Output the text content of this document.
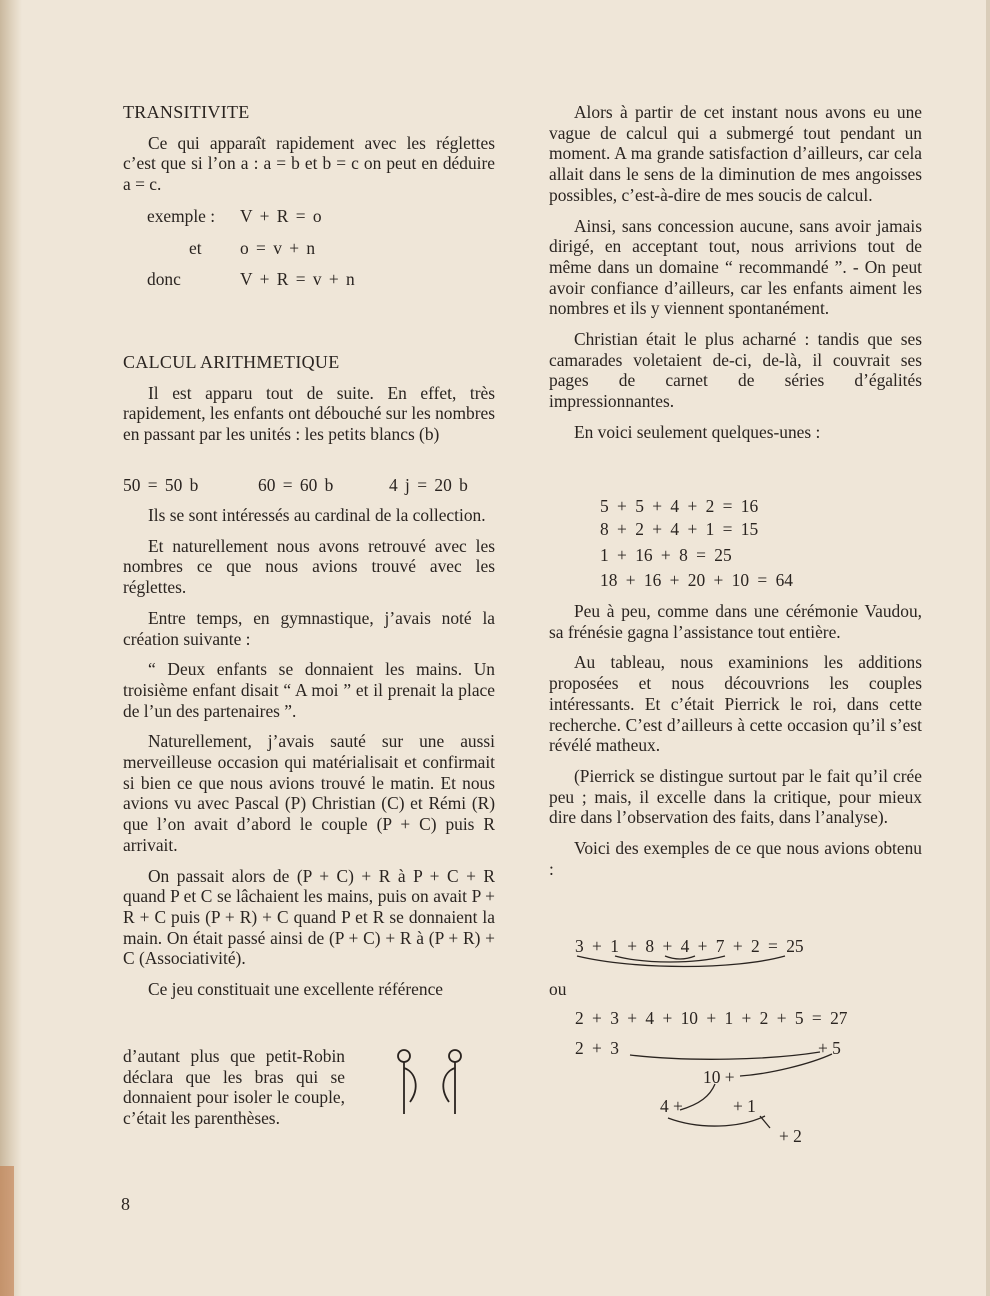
TRANSITIVITE

Ce qui apparaît rapidement avec les réglettes c’est que si l’on a : a = b et b = c on peut en déduire a = c.

exemple : V + R = o
et o = v + n
donc	V + R = v + n
CALCUL ARITHMETIQUE

Il est apparu tout de suite. En effet, très rapidement, les enfants ont débouché sur les nombres en passant par les unités : les petits blancs (b)

50 = 50 b	60 = 60 b	4 j = 20 b

Ils se sont intéressés au cardinal de la collection.

Et naturellement nous avons retrouvé avec les nombres ce que nous avions trouvé avec les réglettes.

Entre temps, en gymnastique, j’avais noté la création suivante :

“ Deux enfants se donnaient les mains. Un troisième enfant disait “ A moi ” et il prenait la place de l’un des partenaires ”.

Naturellement, j’avais sauté sur une aussi merveilleuse occasion qui matérialisait et confirmait si bien ce que nous avions trouvé le matin. Et nous avions vu avec Pascal (P) Christian (C) et Rémi (R) que l’on avait d’abord le couple (P + C) puis R arrivait.

On passait alors de (P + C) + R à P + C + R quand P et C se lâchaient les mains, puis on avait P + R + C puis (P + R) + C quand P et R se donnaient la main. On était passé ainsi de (P + C) + R à (P + R) + C (Associativité).

Ce jeu constituait une excellente référence

d’autant plus que petit-Robin déclara que les bras qui se donnaient pour isoler le couple, c’était les parenthèses.

8

Alors à partir de cet instant nous avons eu une vague de calcul qui a submergé tout pendant un moment. A ma grande satisfaction d’ailleurs, car cela allait dans le sens de la diminution de mes angoisses possibles, c’est-à-dire de mes soucis de calcul.

Ainsi, sans concession aucune, sans avoir jamais dirigé, en acceptant tout, nous arrivions tout de même dans un domaine “ recommandé ”. - On peut avoir confiance d’ailleurs, car les enfants aiment les nombres et ils y viennent spontanément.

Christian était le plus acharné : tandis que ses camarades voletaient de-ci, de-là, il couvrait ses pages de carnet de séries d’égalités impressionnantes.

En voici seulement quelques-unes :

5 + 5 + 4 + 2 = 16
8 + 2 + 4 + 1 = 15
1 + 16 + 8 = 25
18 + 16 + 20 + 10 = 64

Peu à peu, comme dans une cérémonie Vaudou, sa frénésie gagna l’assistance tout entière.

Au tableau, nous examinions les additions proposées et nous découvrions les couples intéressants. Et c’était Pierrick le roi, dans cette recherche. C’est d’ailleurs à cette occasion qu’il s’est révélé matheux.

(Pierrick se distingue surtout par le fait qu’il crée peu ; mais, il excelle dans la critique, pour mieux dire dans l’observation des faits, dans l’analyse).

Voici des exemples de ce que nous avions obtenu :

3 + 1 + 8 + 4 + 7 + 2 = 25
ou
2 + 3 + 4 + 10 + 1 + 2 + 5 = 27
2 + 3	+ 5
10 +
4 +	+ 1
+ 2
